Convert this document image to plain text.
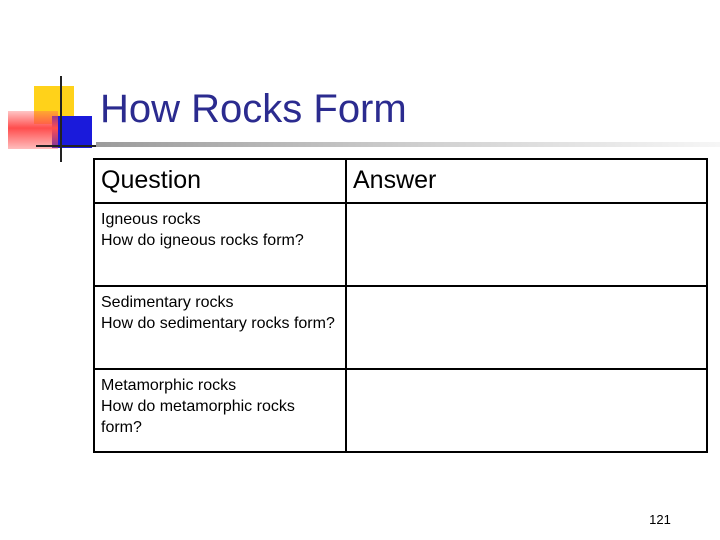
How Rocks Form
Question	Answer

Igneous rocks
How do igneous rocks form?	

Sedimentary rocks
How do sedimentary rocks form?	

Metamorphic rocks
How do metamorphic rocks form?	

121
